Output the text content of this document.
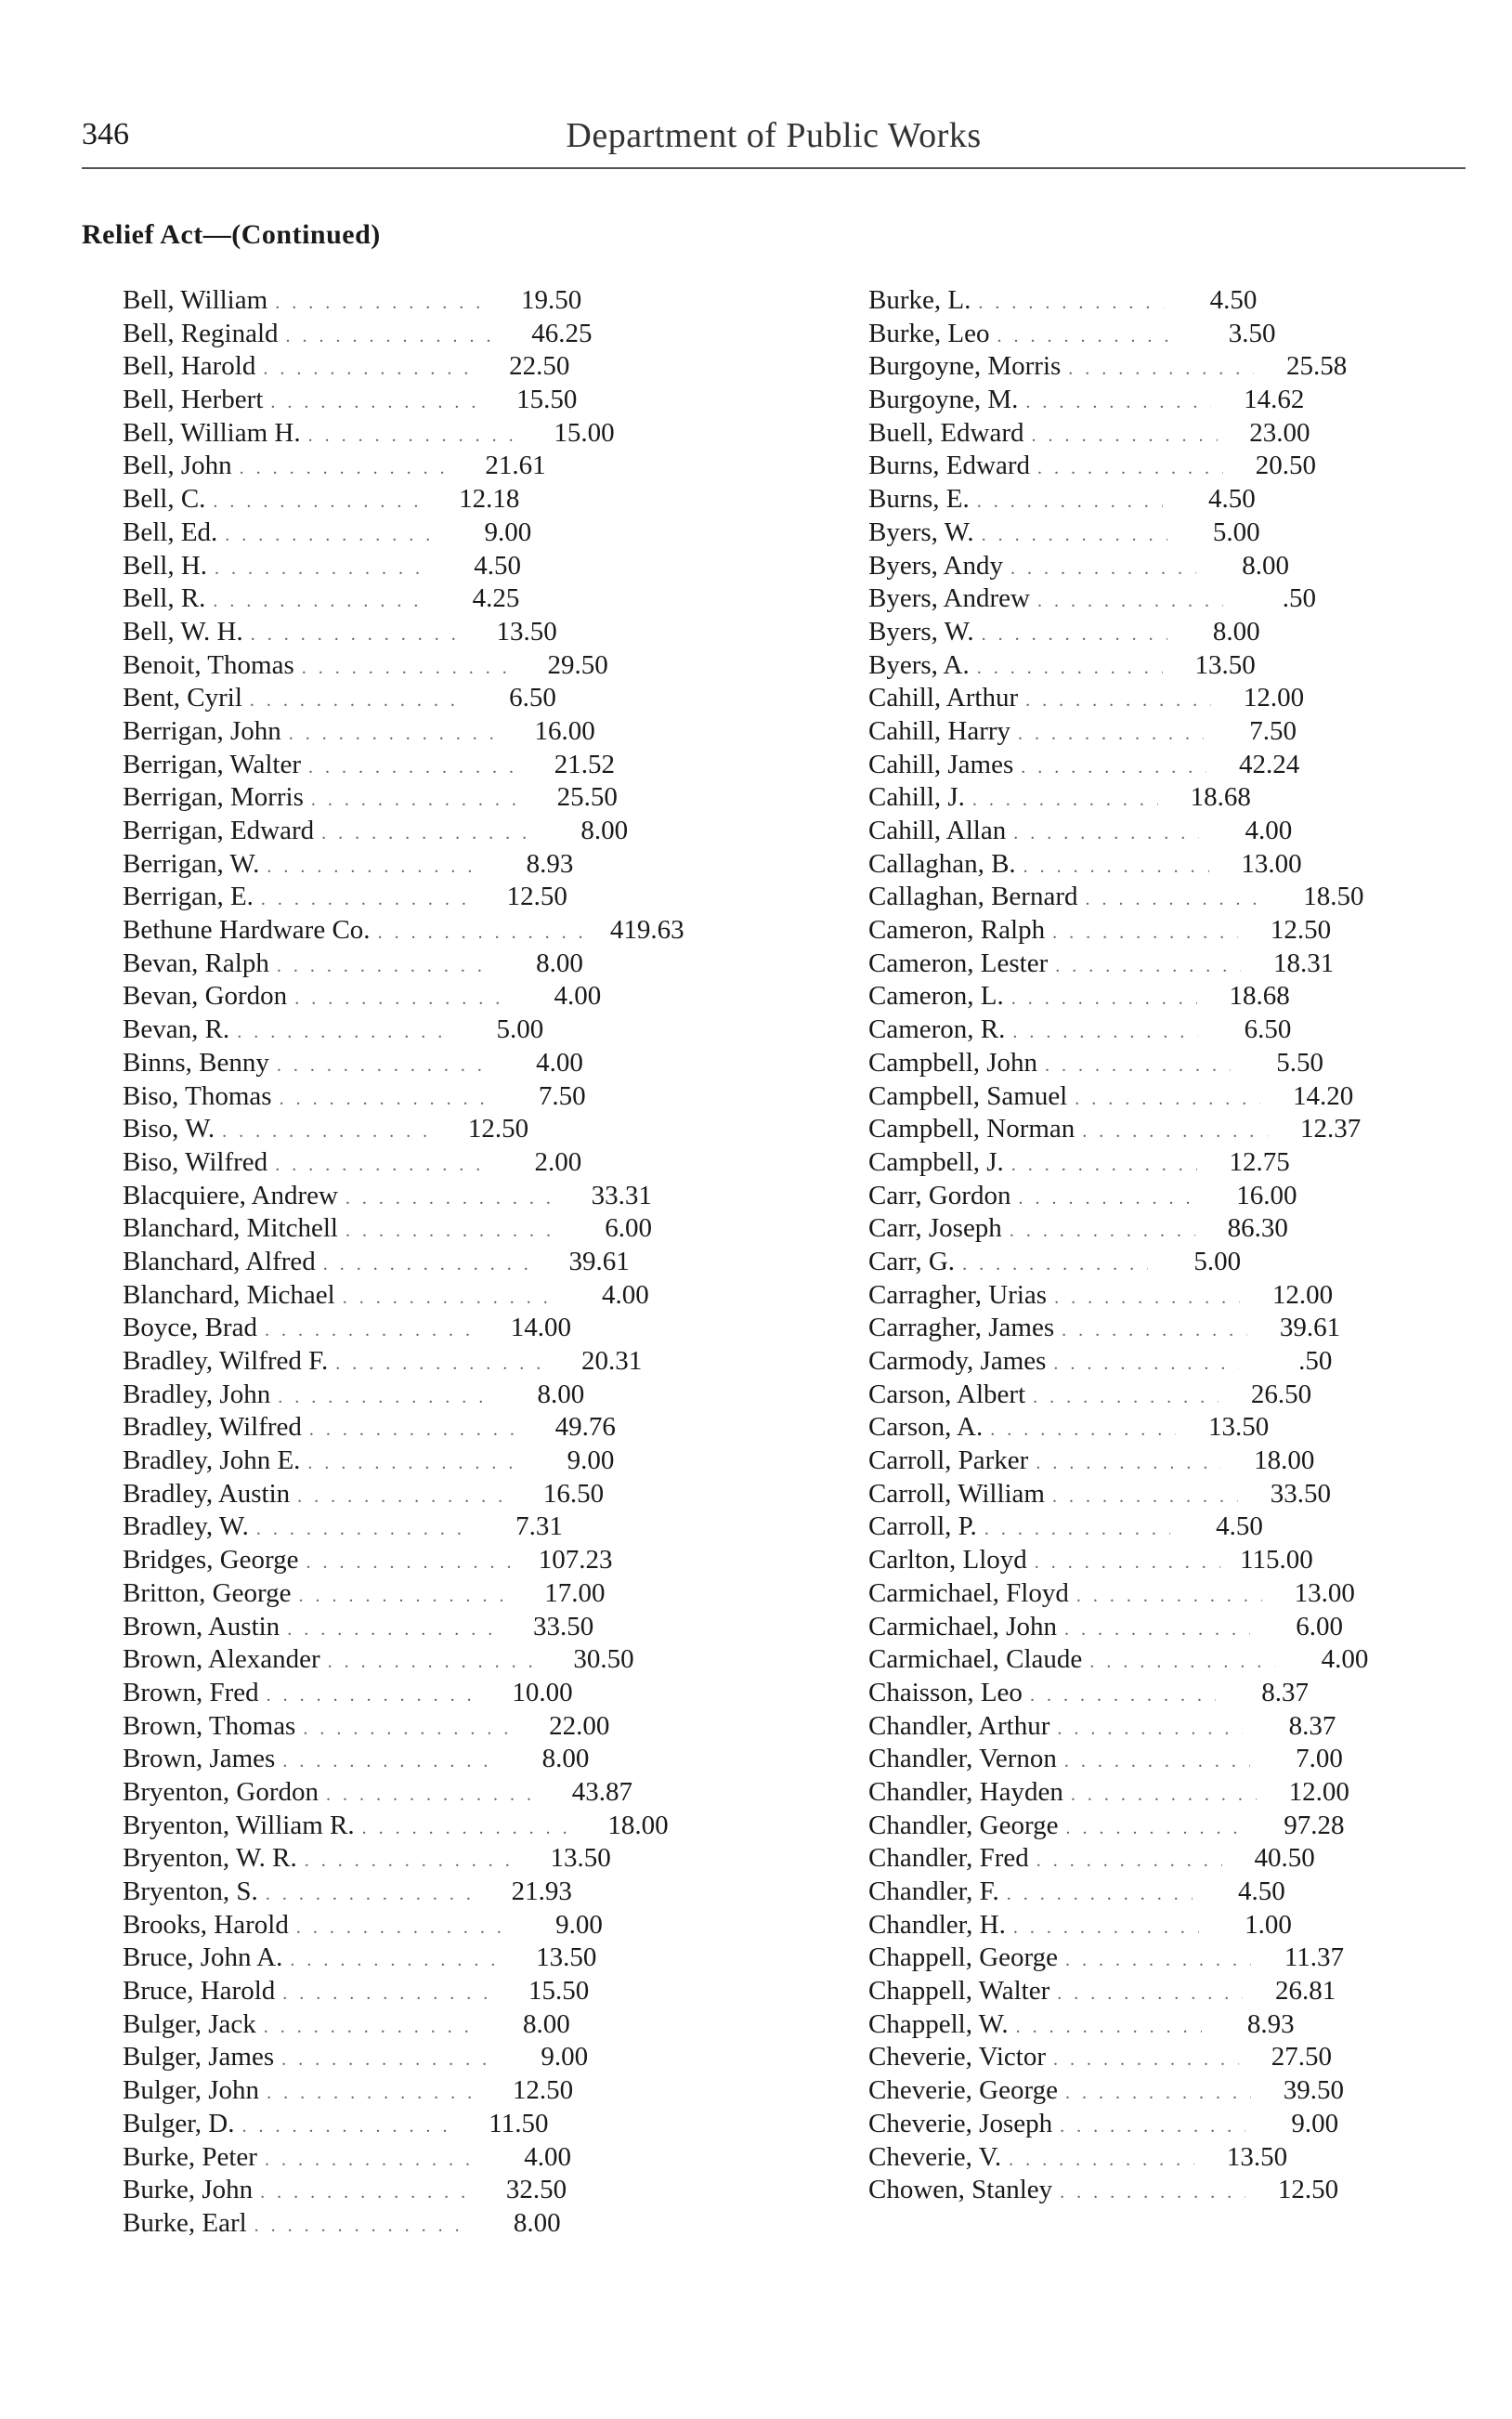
346	Department of Public Works
Relief Act—(Continued)
Bell, William . . .	19.50
Bell, Reginald . . .	46.25
Bell, Harold . . .	22.50
Bell, Herbert . . .	15.50
Bell, William H. . . .	15.00
Bell, John . . .	21.61
Bell, C. . . .	12.18
Bell, Ed. . . .	9.00
Bell, H. . . .	4.50
Bell, R. . . .	4.25
Bell, W. H. . . .	13.50
Benoit, Thomas . . .	29.50
Bent, Cyril . . .	6.50
Berrigan, John . . .	16.00
Berrigan, Walter . . .	21.52
Berrigan, Morris . . .	25.50
Berrigan, Edward . . .	8.00
Berrigan, W. . . .	8.93
Berrigan, E. . . .	12.50
Bethune Hardware Co. . . .	419.63
Bevan, Ralph . . .	8.00
Bevan, Gordon . . .	4.00
Bevan, R. . . .	5.00
Binns, Benny . . .	4.00
Biso, Thomas . . .	7.50
Biso, W. . . .	12.50
Biso, Wilfred . . .	2.00
Blacquiere, Andrew . . .	33.31
Blanchard, Mitchell . . .	6.00
Blanchard, Alfred . . .	39.61
Blanchard, Michael . . .	4.00
Boyce, Brad . . .	14.00
Bradley, Wilfred F. . . .	20.31
Bradley, John . . .	8.00
Bradley, Wilfred . . .	49.76
Bradley, John E. . . .	9.00
Bradley, Austin . . .	16.50
Bradley, W. . . .	7.31
Bridges, George . . .	107.23
Britton, George . . .	17.00
Brown, Austin . . .	33.50
Brown, Alexander . . .	30.50
Brown, Fred . . .	10.00
Brown, Thomas . . .	22.00
Brown, James . . .	8.00
Bryenton, Gordon . . .	43.87
Bryenton, William R. . . .	18.00
Bryenton, W. R. . . .	13.50
Bryenton, S. . . .	21.93
Brooks, Harold . . .	9.00
Bruce, John A. . . .	13.50
Bruce, Harold . . .	15.50
Bulger, Jack . . .	8.00
Bulger, James . . .	9.00
Bulger, John . . .	12.50
Bulger, D. . . .	11.50
Burke, Peter . . .	4.00
Burke, John . . .	32.50
Burke, Earl . . .	8.00
Burke, L. . . .	4.50
Burke, Leo . . .	3.50
Burgoyne, Morris . . .	25.58
Burgoyne, M. . . .	14.62
Buell, Edward . . .	23.00
Burns, Edward . . .	20.50
Burns, E. . . .	4.50
Byers, W. . . .	5.00
Byers, Andy . . .	8.00
Byers, Andrew . . .	.50
Byers, W. . . .	8.00
Byers, A. . . .	13.50
Cahill, Arthur . . .	12.00
Cahill, Harry . . .	7.50
Cahill, James . . .	42.24
Cahill, J. . . .	18.68
Cahill, Allan . . .	4.00
Callaghan, B. . . .	13.00
Callaghan, Bernard . . .	18.50
Cameron, Ralph . . .	12.50
Cameron, Lester . . .	18.31
Cameron, L. . . .	18.68
Cameron, R. . . .	6.50
Campbell, John . . .	5.50
Campbell, Samuel . . .	14.20
Campbell, Norman . . .	12.37
Campbell, J. . . .	12.75
Carr, Gordon . . .	16.00
Carr, Joseph . . .	86.30
Carr, G. . . .	5.00
Carragher, Urias . . .	12.00
Carragher, James . . .	39.61
Carmody, James . . .	.50
Carson, Albert . . .	26.50
Carson, A. . . .	13.50
Carroll, Parker . . .	18.00
Carroll, William . . .	33.50
Carroll, P. . . .	4.50
Carlton, Lloyd . . .	115.00
Carmichael, Floyd . . .	13.00
Carmichael, John . . .	6.00
Carmichael, Claude . . .	4.00
Chaisson, Leo . . .	8.37
Chandler, Arthur . . .	8.37
Chandler, Vernon . . .	7.00
Chandler, Hayden . . .	12.00
Chandler, George . . .	97.28
Chandler, Fred . . .	40.50
Chandler, F. . . .	4.50
Chandler, H. . . .	1.00
Chappell, George . . .	11.37
Chappell, Walter . . .	26.81
Chappell, W. . . .	8.93
Cheverie, Victor . . .	27.50
Cheverie, George . . .	39.50
Cheverie, Joseph . . .	9.00
Cheverie, V. . . .	13.50
Chowen, Stanley . . .	12.50
